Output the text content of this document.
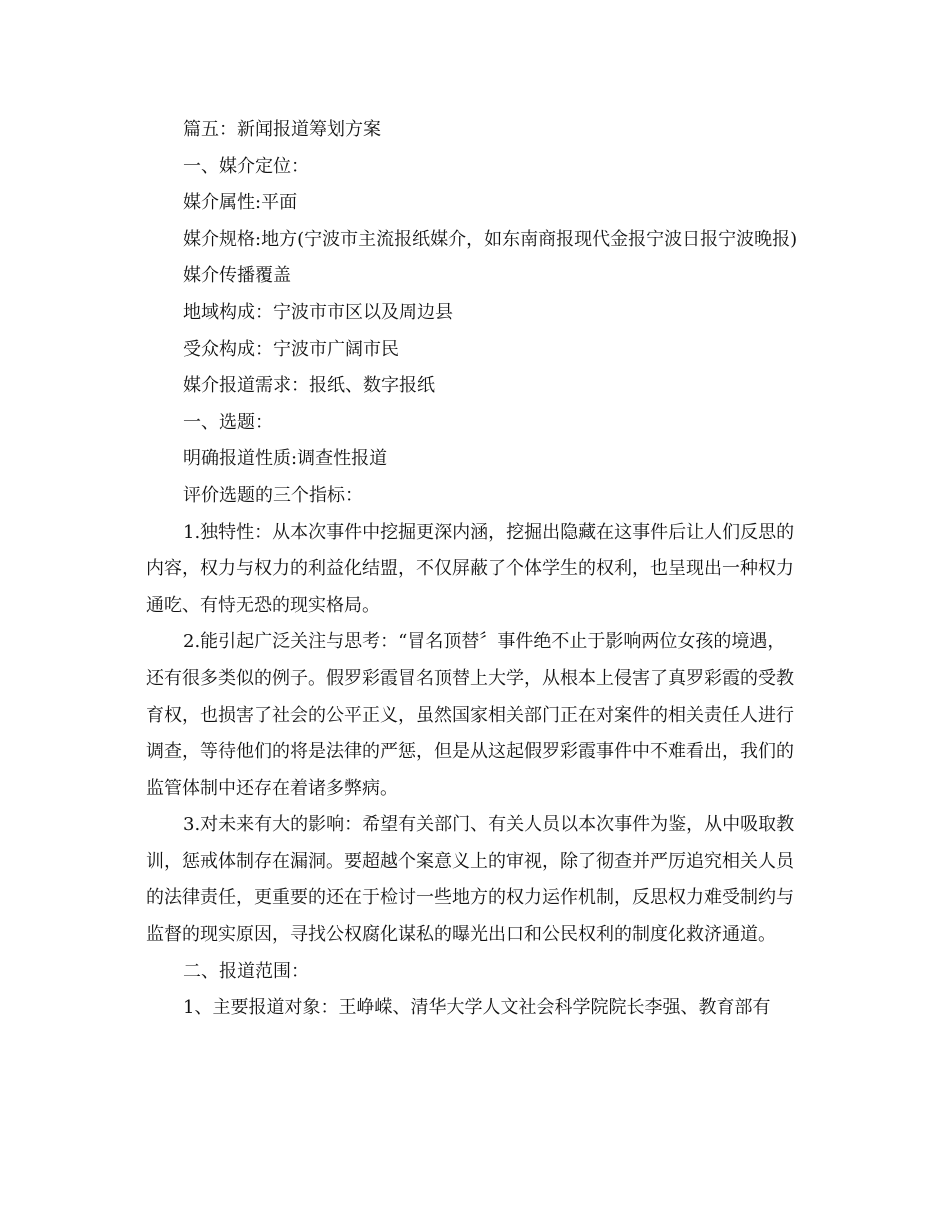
篇五：新闻报道筹划方案

一、媒介定位：

媒介属性:平面

媒介规格:地方(宁波市主流报纸媒介，如东南商报现代金报宁波日报宁波晚报)

媒介传播覆盖

地域构成：宁波市市区以及周边县

受众构成：宁波市广阔市民

媒介报道需求：报纸、数字报纸

一、选题：

明确报道性质:调查性报道

评价选题的三个指标：

1.独特性：从本次事件中挖掘更深内涵，挖掘出隐藏在这事件后让人们反思的内容，权力与权力的利益化结盟，不仅屏蔽了个体学生的权利，也呈现出一种权力通吃、有恃无恐的现实格局。

2.能引起广泛关注与思考：“冒名顶替〞事件绝不止于影响两位女孩的境遇，还有很多类似的例子。假罗彩霞冒名顶替上大学，从根本上侵害了真罗彩霞的受教育权，也损害了社会的公平正义，虽然国家相关部门正在对案件的相关责任人进行调查，等待他们的将是法律的严惩，但是从这起假罗彩霞事件中不难看出，我们的监管体制中还存在着诸多弊病。

3.对未来有大的影响：希望有关部门、有关人员以本次事件为鉴，从中吸取教训，惩戒体制存在漏洞。要超越个案意义上的审视，除了彻查并严厉追究相关人员的法律责任，更重要的还在于检讨一些地方的权力运作机制，反思权力难受制约与监督的现实原因，寻找公权腐化谋私的曝光出口和公民权利的制度化救济通道。

二、报道范围：

1、主要报道对象：王峥嵘、清华大学人文社会科学院院长李强、教育部有
